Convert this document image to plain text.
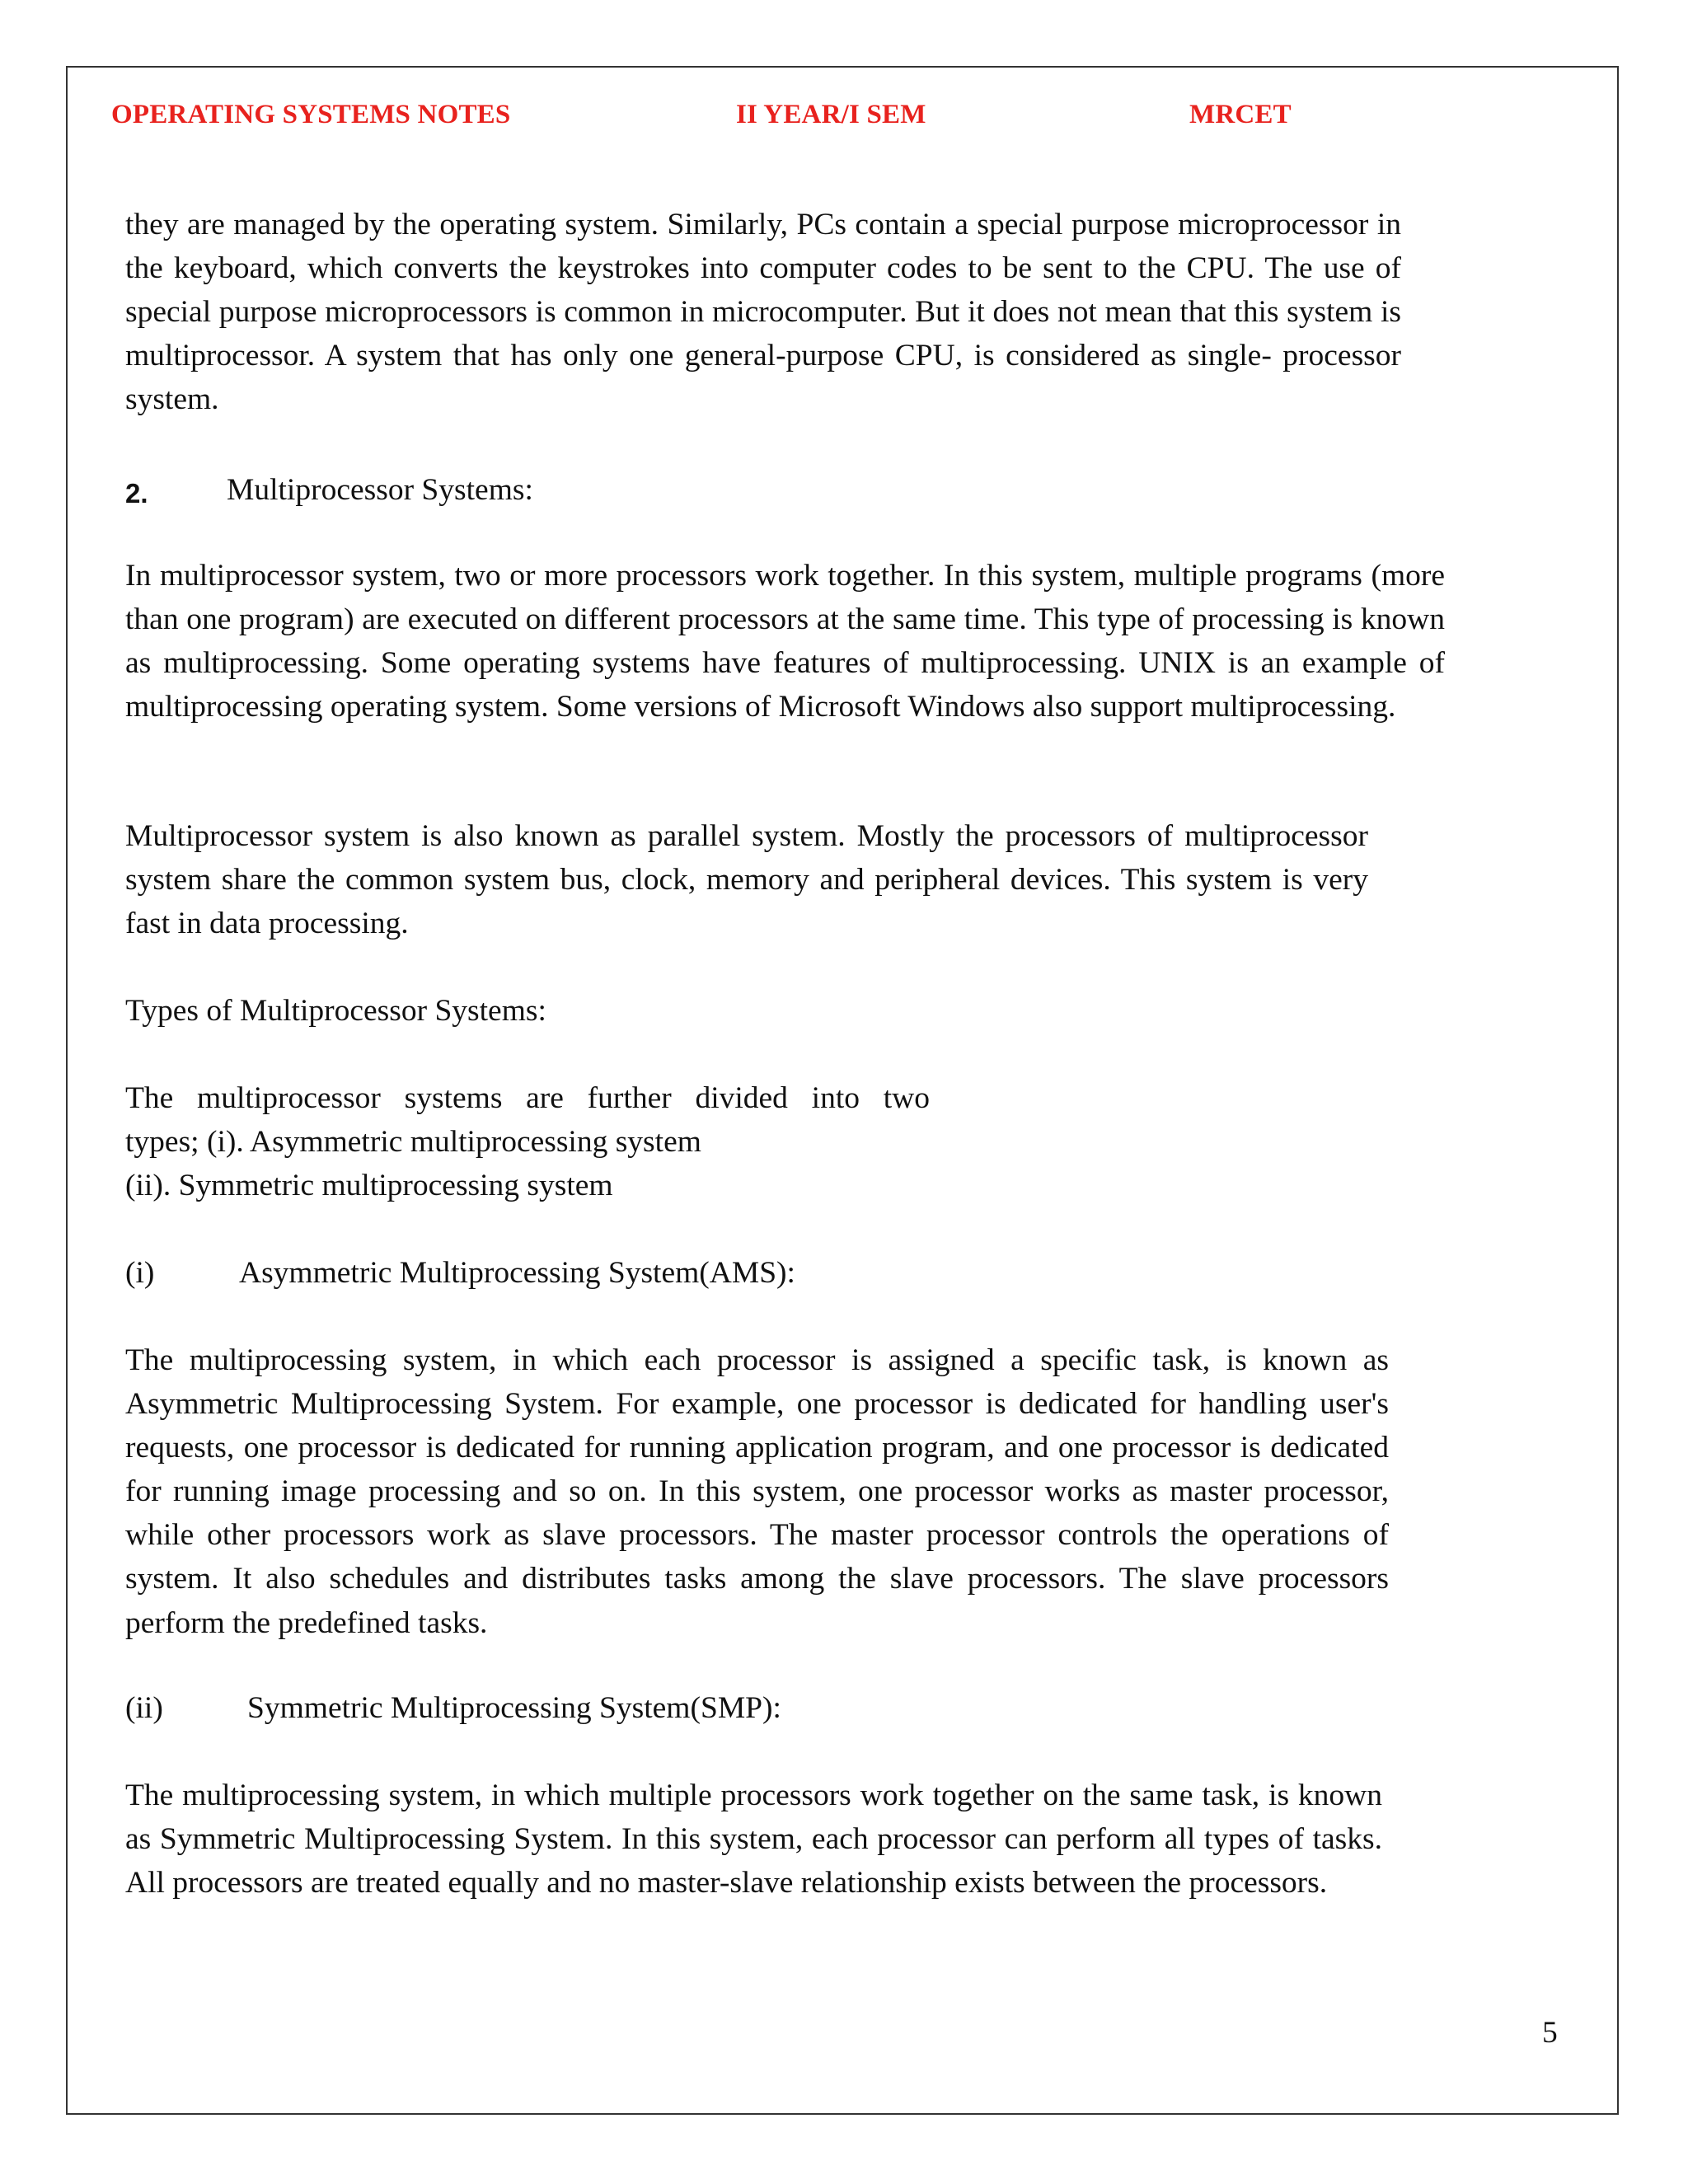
OPERATING SYSTEMS NOTES	II YEAR/I SEM	MRCET

they are managed by the operating system. Similarly, PCs contain a special purpose microprocessor in the keyboard, which converts the keystrokes into computer codes to be sent to the CPU. The use of special purpose microprocessors is common in microcomputer. But it does not mean that this system is multiprocessor. A system that has only one general-purpose CPU, is considered as single- processor system.

2.	Multiprocessor Systems:

In multiprocessor system, two or more processors work together. In this system, multiple programs (more than one program) are executed on different processors at the same time. This type of processing is known as multiprocessing. Some operating systems have features of multiprocessing. UNIX is an example of multiprocessing operating system. Some versions of Microsoft Windows also support multiprocessing.

Multiprocessor system is also known as parallel system. Mostly the processors of multiprocessor system share the common system bus, clock, memory and peripheral devices. This system is very fast in data processing.

Types of Multiprocessor Systems:

The multiprocessor systems are further divided into two

types; (i). Asymmetric multiprocessing system

(ii). Symmetric multiprocessing system

(i)	Asymmetric Multiprocessing System(AMS):

The multiprocessing system, in which each processor is assigned a specific task, is known as Asymmetric Multiprocessing System. For example, one processor is dedicated for handling user's requests, one processor is dedicated for running application program, and one processor is dedicated for running image processing and so on. In this system, one processor works as master processor, while other processors work as slave processors. The master processor controls the operations of system. It also schedules and distributes tasks among the slave processors. The slave processors perform the predefined tasks.

(ii)	Symmetric Multiprocessing System(SMP):

The multiprocessing system, in which multiple processors work together on the same task, is known as Symmetric Multiprocessing System. In this system, each processor can perform all types of tasks. All processors are treated equally and no master-slave relationship exists between the processors.

5
